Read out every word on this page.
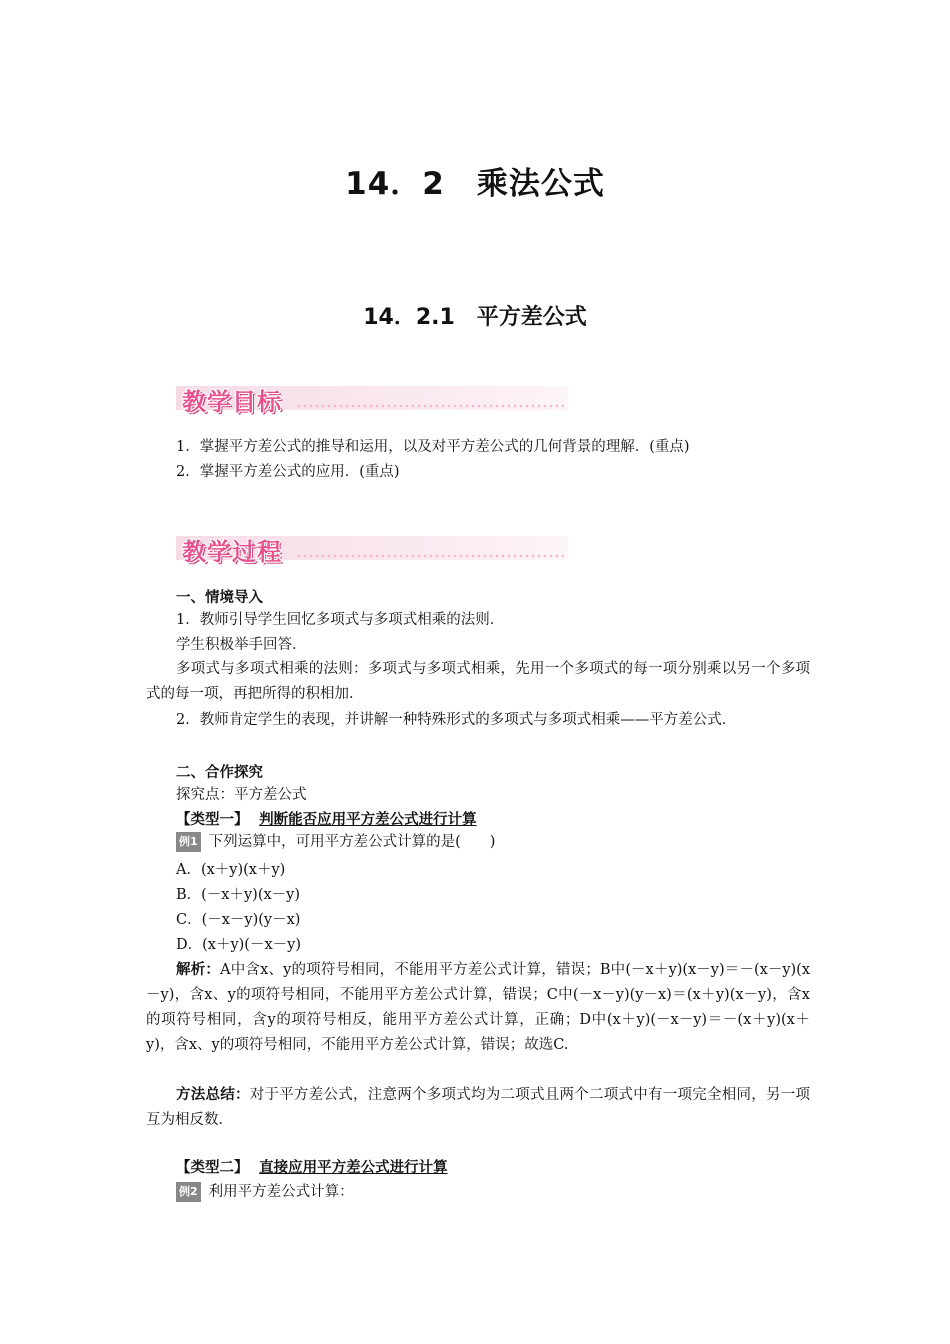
14．2　乘法公式
14．2.1　平方差公式
教学目标
1．掌握平方差公式的推导和运用，以及对平方差公式的几何背景的理解．(重点)
2．掌握平方差公式的应用．(重点)
教学过程
一、情境导入
1．教师引导学生回忆多项式与多项式相乘的法则．
学生积极举手回答．
多项式与多项式相乘的法则：多项式与多项式相乘，先用一个多项式的每一项分别乘以另一个多项式的每一项，再把所得的积相加．
2．教师肯定学生的表现，并讲解一种特殊形式的多项式与多项式相乘——平方差公式．
二、合作探究
探究点：平方差公式
【类型一】 判断能否应用平方差公式进行计算
例1 下列运算中，可用平方差公式计算的是(　　)
A．(x＋y)(x＋y)
B．(－x＋y)(x－y)
C．(－x－y)(y－x)
D．(x＋y)(－x－y)
解析：A中含x、y的项符号相同，不能用平方差公式计算，错误；B中(－x＋y)(x－y)＝－(x－y)(x－y)，含x、y的项符号相同，不能用平方差公式计算，错误；C中(－x－y)(y－x)＝(x＋y)(x－y)，含x的项符号相同，含y的项符号相反，能用平方差公式计算，正确；D中(x＋y)(－x－y)＝－(x＋y)(x＋y)，含x、y的项符号相同，不能用平方差公式计算，错误；故选C.
方法总结：对于平方差公式，注意两个多项式均为二项式且两个二项式中有一项完全相同，另一项互为相反数．
【类型二】 直接应用平方差公式进行计算
例2 利用平方差公式计算：
